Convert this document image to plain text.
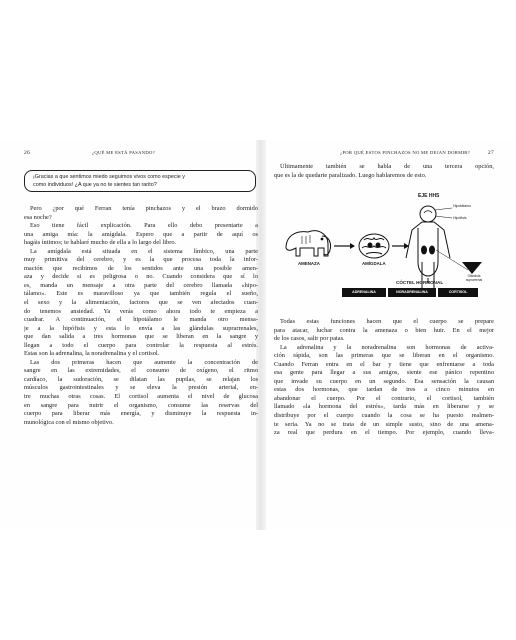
26	¿QUÉ ME ESTÁ PASANDO?
¡Gracias a que sentimos miedo seguimos vivos como especie y
como individuos! ¿A que ya no te sientes tan rarito?
Pero ¿por qué Ferran tenía pinchazos y el brazo dormido
esa noche?
Eso tiene fácil explicación. Para ello debo presentarte a
una amiga mía: la amígdala. Espero que a partir de aquí os
hagáis íntimos; te hablaré mucho de ella a lo largo del libro.
La amígdala está situada en el sistema límbico, una parte
muy primitiva del cerebro, y es la que procesa toda la infor-
mación que recibimos de los sentidos ante una posible amen-
aza y decide si es peligrosa o no. Cuando considera que sí lo
es, manda un mensaje a otra parte del cerebro llamada «hipo-
tálamo». Este es maravilloso ya que también regula el sueño,
el sexo y la alimentación, factores que se ven afectados cuan-
do tenemos ansiedad. Ya verás como ahora todo te empieza a
cuadrar. A continuación, el hipotálamo le manda otro mensa-
je a la hipófisis y esta lo envía a las glándulas suprarrenales,
que dan salida a tres hormonas que se liberan en la sangre y
llegan a todo el cuerpo para controlar la respuesta al estrés.
Estas son la adrenalina, la noradrenalina y el cortisol.
Las dos primeras hacen que aumente la concentración de
sangre en las extremidades, el consumo de oxígeno, el ritmo
cardíaco, la sudoración, se dilatan las pupilas, se relajan los
músculos gastrointestinales y se eleva la presión arterial, en-
tre muchas otras cosas. El cortisol aumenta el nivel de glucosa
en sangre para nutrir el organismo, consume las reservas del
cuerpo para liberar más energía, y disminuye la respuesta in-
munológica con el mismo objetivo.
¿POR QUÉ ESTOS PINCHAZOS NO ME DEJAN DORMIR?	27
Últimamente también se habla de una tercera opción,
que es la de quedarte paralizado. Luego hablaremos de esto.
EJE HHS
Hipotálamo
Hipófisis
AMENAZA	AMÍGDALA
Glándula suprarrenal
CÓCTEL HORMONAL
ADRENALINA	NORADRENALINA	CORTISOL
Todas estas funciones hacen que el cuerpo se prepare
para atacar, luchar contra la amenaza o bien huir. En el mejor
de los casos, salir por patas.
La adrenalina y la noradrenalina son hormonas de activa-
ción rápida, son las primeras que se liberan en el organismo.
Cuando Ferran entra en el bar y tiene que enfrentarse a toda
esa gente para llegar a sus amigos, siente ese pánico repentino
que invade su cuerpo en un segundo. Esa sensación la causan
estas dos hormonas, que tardan de tres a cinco minutos en
abandonar el cuerpo. Por el contrario, el cortisol, también
llamado «la hormona del estrés», tarda más en liberarse y se
distribuye por el cuerpo cuando la cosa se ha puesto realmen-
te seria. Ya no se trata de un simple susto, sino de una amena-
za real que perdura en el tiempo. Por ejemplo, cuando lleva-
